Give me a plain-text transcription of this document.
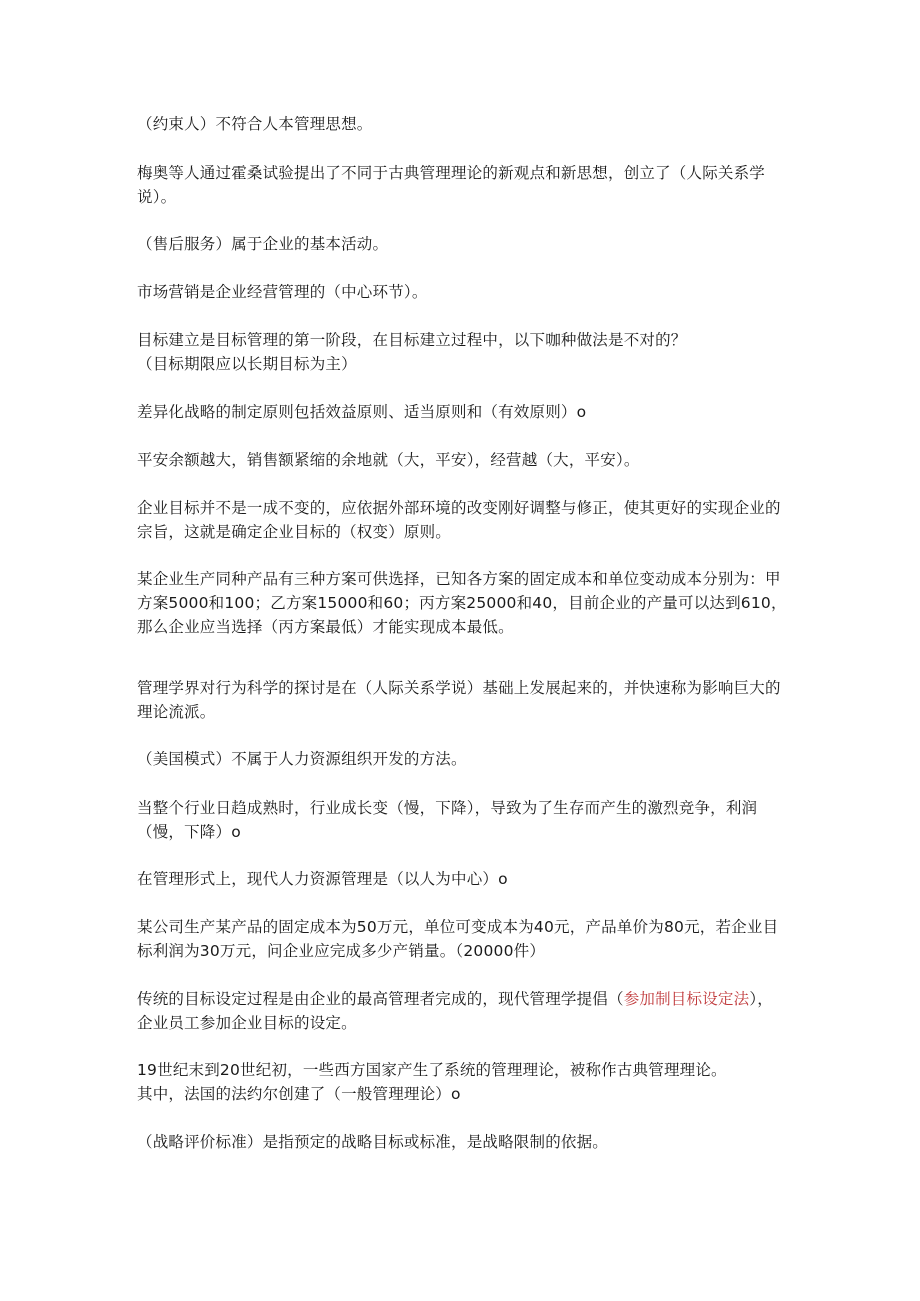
（约束人）不符合人本管理思想。

梅奥等人通过霍桑试验提出了不同于古典管理理论的新观点和新思想，创立了（人际关系学说）。

（售后服务）属于企业的基本活动。

市场营销是企业经营管理的（中心环节）。

目标建立是目标管理的第一阶段，在目标建立过程中，以下咖种做法是不对的？
（目标期限应以长期目标为主）

差异化战略的制定原则包括效益原则、适当原则和（有效原则）o

平安余额越大，销售额紧缩的余地就（大，平安），经营越（大，平安）。

企业目标并不是一成不变的，应依据外部环境的改变刚好调整与修正，使其更好的实现企业的宗旨，这就是确定企业目标的（权变）原则。

某企业生产同种产品有三种方案可供选择，已知各方案的固定成本和单位变动成本分别为：甲方案5000和100；乙方案15000和60；丙方案25000和40，目前企业的产量可以达到610，那么企业应当选择（丙方案最低）才能实现成本最低。

管理学界对行为科学的探讨是在（人际关系学说）基础上发展起来的，并快速称为影响巨大的理论流派。

（美国模式）不属于人力资源组织开发的方法。

当整个行业日趋成熟时，行业成长变（慢，下降），导致为了生存而产生的激烈竞争，利润（慢，下降）o

在管理形式上，现代人力资源管理是（以人为中心）o

某公司生产某产品的固定成本为50万元，单位可变成本为40元，产品单价为80元，若企业目标利润为30万元，问企业应完成多少产销量。（20000件）

传统的目标设定过程是由企业的最高管理者完成的，现代管理学提倡（参加制目标设定法），企业员工参加企业目标的设定。

19世纪末到20世纪初，一些西方国家产生了系统的管理理论，被称作古典管理理论。
其中，法国的法约尔创建了（一般管理理论）o

（战略评价标准）是指预定的战略目标或标准，是战略限制的依据。
